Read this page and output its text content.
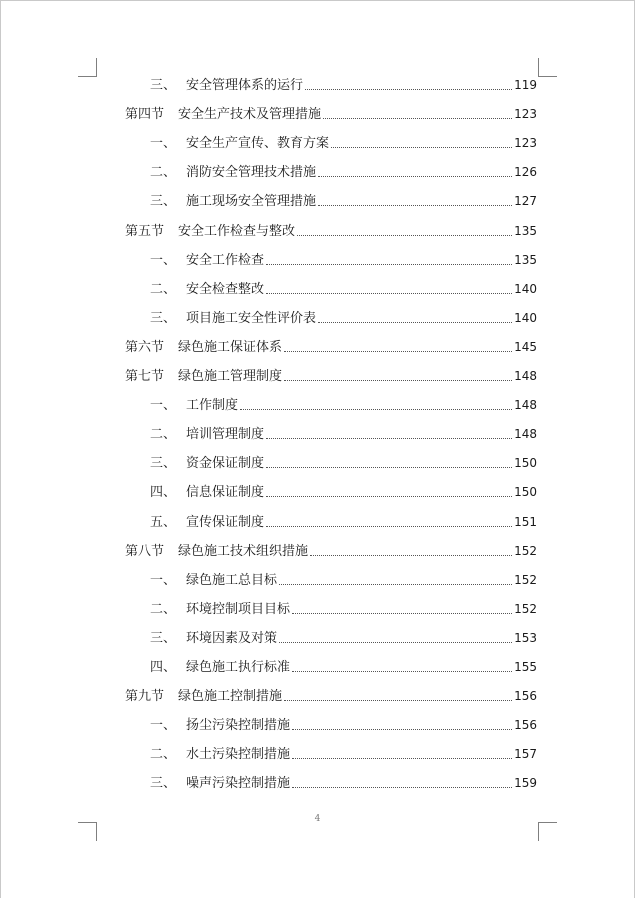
三、 安全管理体系的运行	119
第四节	安全生产技术及管理措施	123
一、 安全生产宣传、教育方案	123
二、 消防安全管理技术措施	126
三、 施工现场安全管理措施	127
第五节	安全工作检查与整改	135
一、 安全工作检查	135
二、 安全检查整改	140
三、 项目施工安全性评价表	140
第六节	绿色施工保证体系	145
第七节	绿色施工管理制度	148
一、 工作制度	148
二、 培训管理制度	148
三、 资金保证制度	150
四、 信息保证制度	150
五、 宣传保证制度	151
第八节	绿色施工技术组织措施	152
一、 绿色施工总目标	152
二、 环境控制项目目标	152
三、 环境因素及对策	153
四、 绿色施工执行标准	155
第九节	绿色施工控制措施	156
一、 扬尘污染控制措施	156
二、 水土污染控制措施	157
三、 噪声污染控制措施	159
4
